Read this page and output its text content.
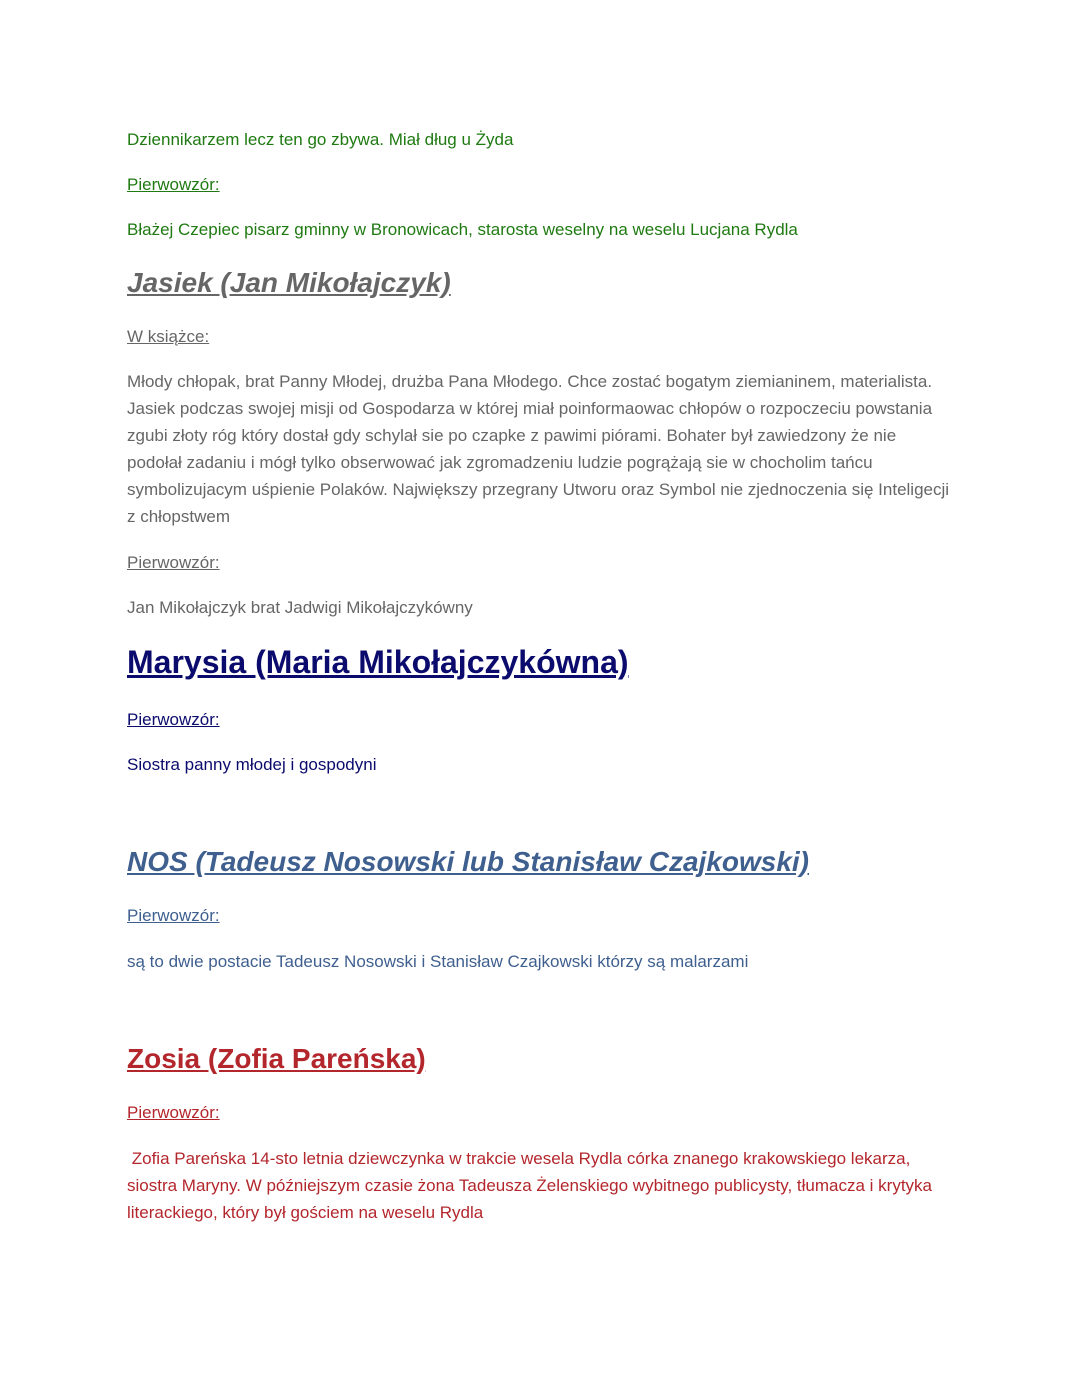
Dziennikarzem lecz ten go zbywa. Miał dług u Żyda

Pierwowzór:

Błażej Czepiec pisarz gminny w Bronowicach, starosta weselny na weselu Lucjana Rydla

Jasiek (Jan Mikołajczyk)

W książce:

Młody chłopak, brat Panny Młodej, drużba Pana Młodego. Chce zostać bogatym ziemianinem, materialista. Jasiek podczas swojej misji od Gospodarza w której miał poinformaowac chłopów o rozpoczeciu powstania zgubi złoty róg który dostał gdy schylał sie po czapke z pawimi piórami. Bohater był zawiedzony że nie podołał zadaniu i mógł tylko obserwować jak zgromadzeniu ludzie pogrążają sie w chocholim tańcu symbolizujacym uśpienie Polaków. Największy przegrany Utworu oraz Symbol nie zjednoczenia się Inteligecji z chłopstwem

Pierwowzór:

Jan Mikołajczyk brat Jadwigi Mikołajczykówny

Marysia (Maria Mikołajczykówna)

Pierwowzór:

Siostra panny młodej i gospodyni

NOS (Tadeusz Nosowski lub Stanisław Czajkowski)

Pierwowzór:

są to dwie postacie Tadeusz Nosowski i Stanisław Czajkowski którzy są malarzami

Zosia (Zofia Pareńska)

Pierwowzór:

Zofia Pareńska 14-sto letnia dziewczynka w trakcie wesela Rydla córka znanego krakowskiego lekarza, siostra Maryny. W późniejszym czasie żona Tadeusza Żelenskiego wybitnego publicysty, tłumacza i krytyka literackiego, który był gościem na weselu Rydla
